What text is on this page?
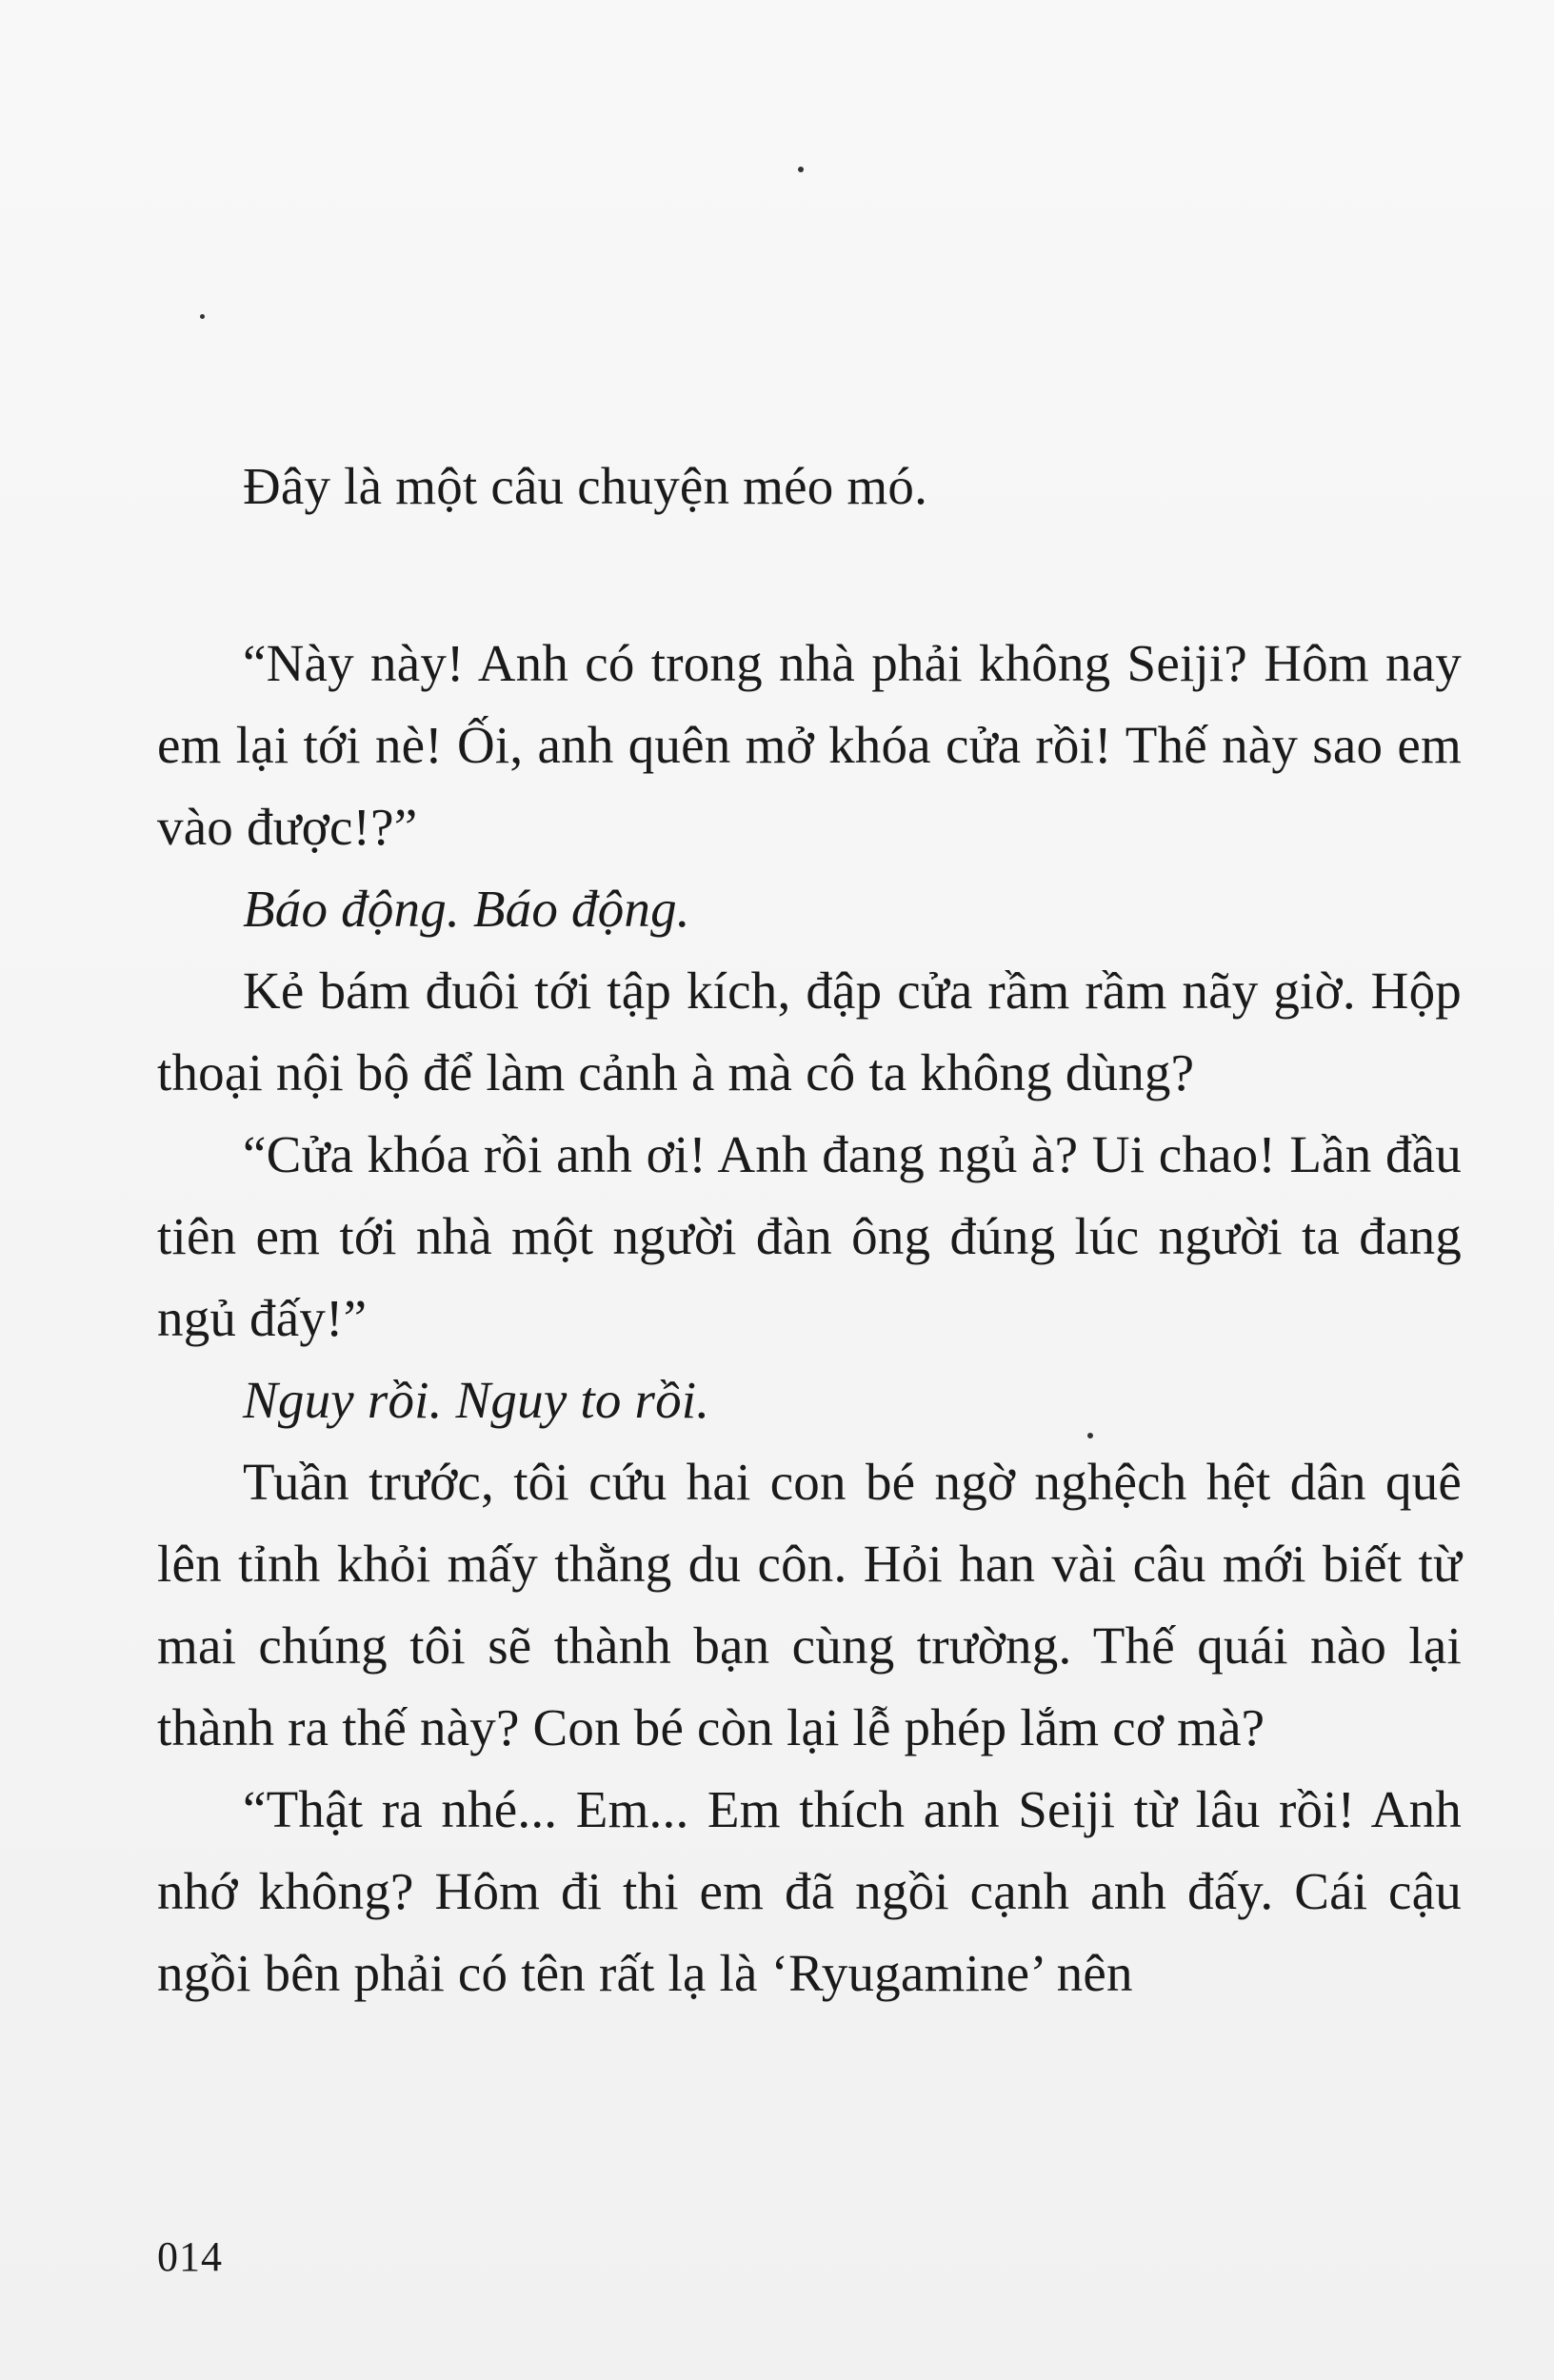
Đây là một câu chuyện méo mó.

“Này này! Anh có trong nhà phải không Seiji? Hôm nay em lại tới nè! Ối, anh quên mở khóa cửa rồi! Thế này sao em vào được!?”

Báo động. Báo động.

Kẻ bám đuôi tới tập kích, đập cửa rầm rầm nãy giờ. Hộp thoại nội bộ để làm cảnh à mà cô ta không dùng?

“Cửa khóa rồi anh ơi! Anh đang ngủ à? Ui chao! Lần đầu tiên em tới nhà một người đàn ông đúng lúc người ta đang ngủ đấy!”

Nguy rồi. Nguy to rồi.

Tuần trước, tôi cứu hai con bé ngờ nghệch hệt dân quê lên tỉnh khỏi mấy thằng du côn. Hỏi han vài câu mới biết từ mai chúng tôi sẽ thành bạn cùng trường. Thế quái nào lại thành ra thế này? Con bé còn lại lễ phép lắm cơ mà?

“Thật ra nhé... Em... Em thích anh Seiji từ lâu rồi! Anh nhớ không? Hôm đi thi em đã ngồi cạnh anh đấy. Cái cậu ngồi bên phải có tên rất lạ là ‘Ryugamine’ nên

014
